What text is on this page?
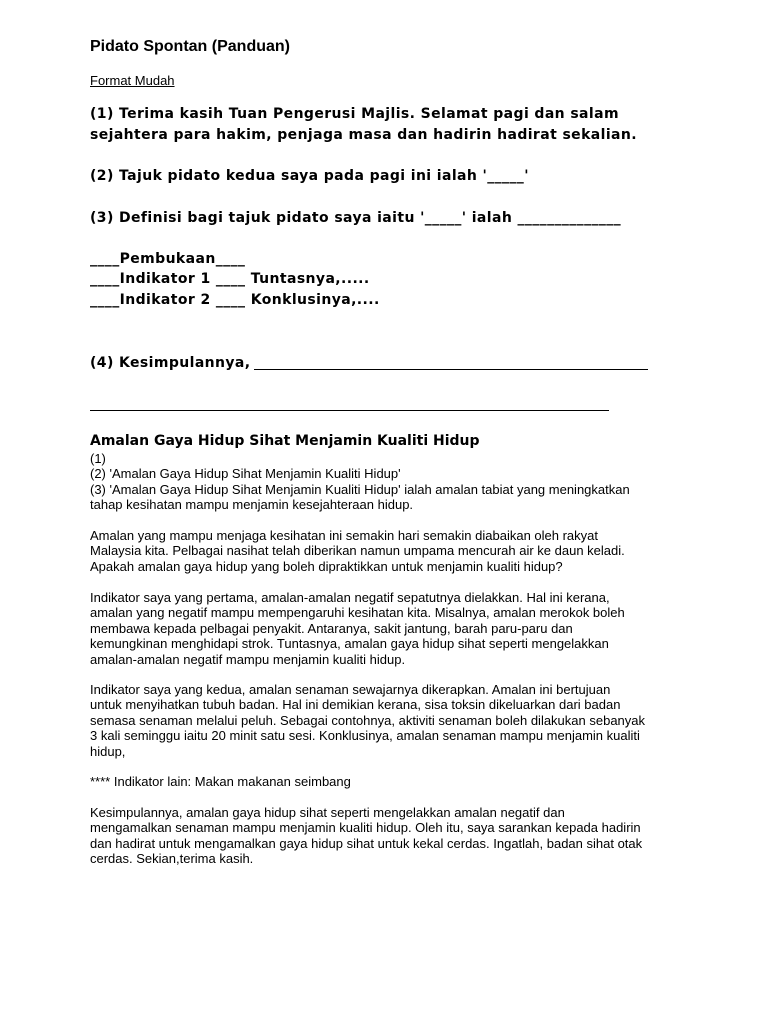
Pidato Spontan (Panduan)
Format Mudah
(1) Terima kasih Tuan Pengerusi Majlis. Selamat pagi dan salam
sejahtera para hakim, penjaga masa dan hadirin hadirat sekalian.
(2) Tajuk pidato kedua saya pada pagi ini ialah '_____'
(3) Definisi bagi tajuk pidato saya iaitu '_____' ialah ______________
____Pembukaan____
____Indikator 1 ____ Tuntasnya,.....
____Indikator 2 ____ Konklusinya,....
(4) Kesimpulannya,
Amalan Gaya Hidup Sihat Menjamin Kualiti Hidup
(1)
(2) 'Amalan Gaya Hidup Sihat Menjamin Kualiti Hidup'
(3) 'Amalan Gaya Hidup Sihat Menjamin Kualiti Hidup' ialah amalan tabiat yang meningkatkan
tahap kesihatan mampu menjamin kesejahteraan hidup.
Amalan yang mampu menjaga kesihatan ini semakin hari semakin diabaikan oleh rakyat
Malaysia kita. Pelbagai nasihat telah diberikan namun umpama mencurah air ke daun keladi.
Apakah amalan gaya hidup yang boleh dipraktikkan untuk menjamin kualiti hidup?
Indikator saya yang pertama, amalan-amalan negatif sepatutnya dielakkan. Hal ini kerana,
amalan yang negatif mampu mempengaruhi kesihatan kita. Misalnya, amalan merokok boleh
membawa kepada pelbagai penyakit. Antaranya, sakit jantung, barah paru-paru dan
kemungkinan menghidapi strok. Tuntasnya, amalan gaya hidup sihat seperti mengelakkan
amalan-amalan negatif mampu menjamin kualiti hidup.
Indikator saya yang kedua, amalan senaman sewajarnya dikerapkan. Amalan ini bertujuan
untuk menyihatkan tubuh badan. Hal ini demikian kerana, sisa toksin dikeluarkan dari badan
semasa senaman melalui peluh. Sebagai contohnya, aktiviti senaman boleh dilakukan sebanyak
3 kali seminggu iaitu 20 minit satu sesi. Konklusinya, amalan senaman mampu menjamin kualiti
hidup,
**** Indikator lain: Makan makanan seimbang
Kesimpulannya, amalan gaya hidup sihat seperti mengelakkan amalan negatif dan
mengamalkan senaman mampu menjamin kualiti hidup. Oleh itu, saya sarankan kepada hadirin
dan hadirat untuk mengamalkan gaya hidup sihat untuk kekal cerdas. Ingatlah, badan sihat otak
cerdas. Sekian,terima kasih.
